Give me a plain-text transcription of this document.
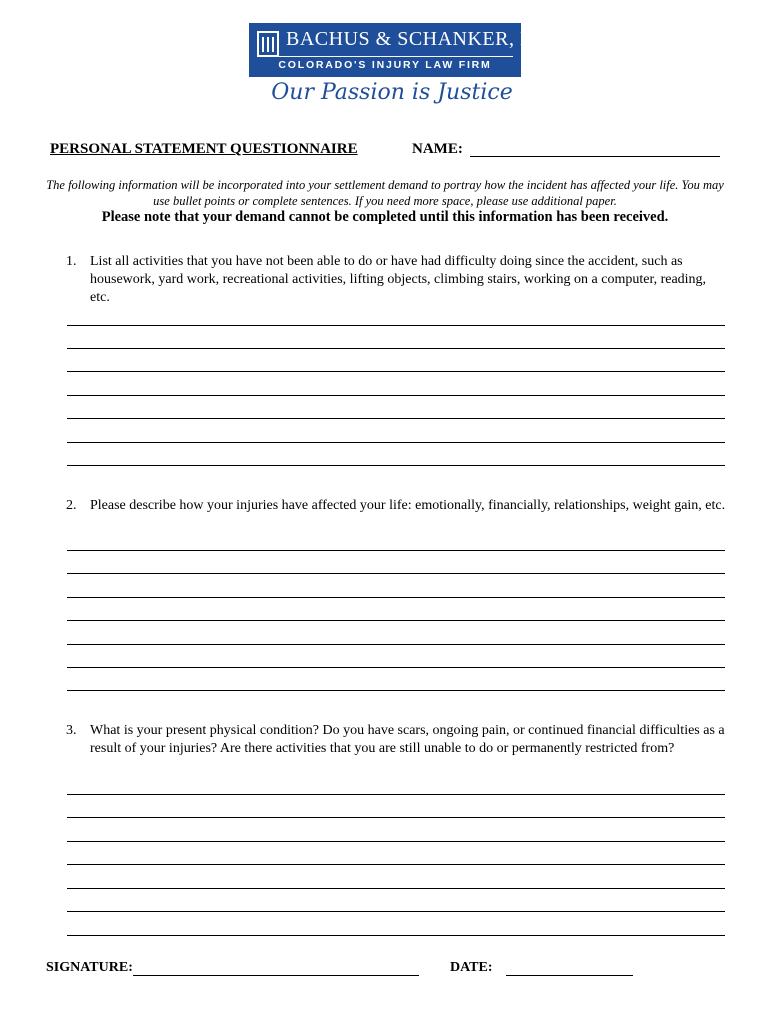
BACHUS & SCHANKER, LLC
COLORADO'S INJURY LAW FIRM
Our Passion is Justice
PERSONAL STATEMENT QUESTIONNAIRE	NAME:
The following information will be incorporated into your settlement demand to portray how the incident has affected your life. You may use bullet points or complete sentences. If you need more space, please use additional paper.
Please note that your demand cannot be completed until this information has been received.
1. List all activities that you have not been able to do or have had difficulty doing since the accident, such as housework, yard work, recreational activities, lifting objects, climbing stairs, working on a computer, reading, etc.
2. Please describe how your injuries have affected your life: emotionally, financially, relationships, weight gain, etc.
3. What is your present physical condition? Do you have scars, ongoing pain, or continued financial difficulties as a result of your injuries? Are there activities that you are still unable to do or permanently restricted from?
SIGNATURE:	DATE:
